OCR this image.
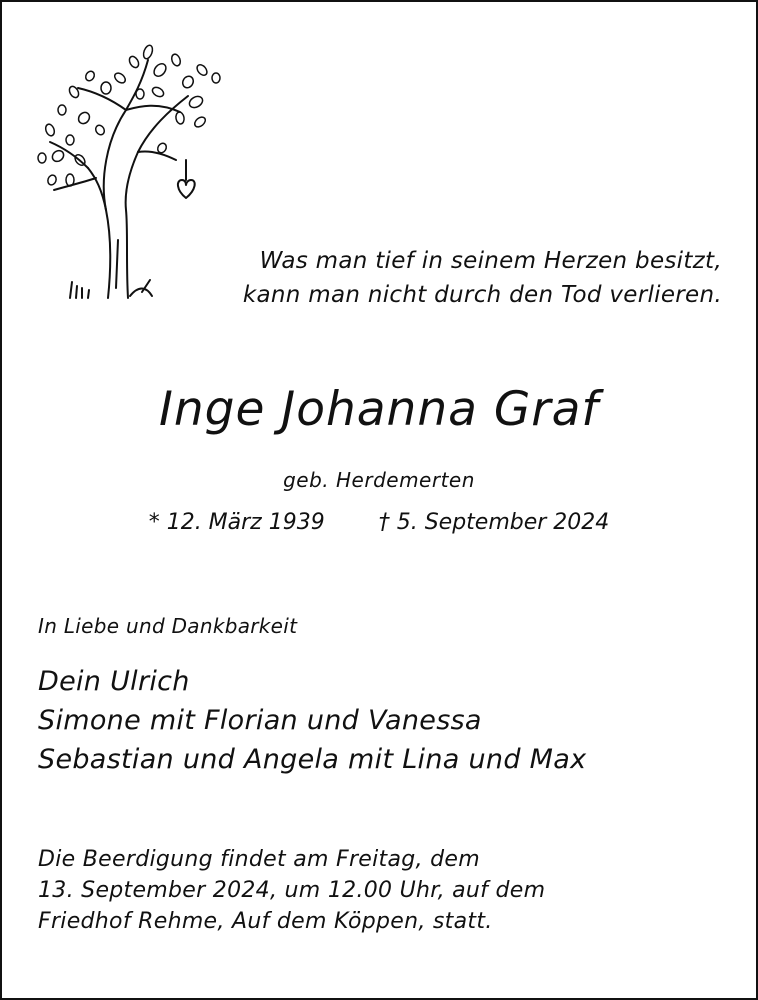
Was man tief in seinem Herzen besitzt,
kann man nicht durch den Tod verlieren.
Inge Johanna Graf
geb. Herdemerten
* 12. März 1939 † 5. September 2024
In Liebe und Dankbarkeit
Dein Ulrich
Simone mit Florian und Vanessa
Sebastian und Angela mit Lina und Max
Die Beerdigung findet am Freitag, dem
13. September 2024, um 12.00 Uhr, auf dem
Friedhof Rehme, Auf dem Köppen, statt.
